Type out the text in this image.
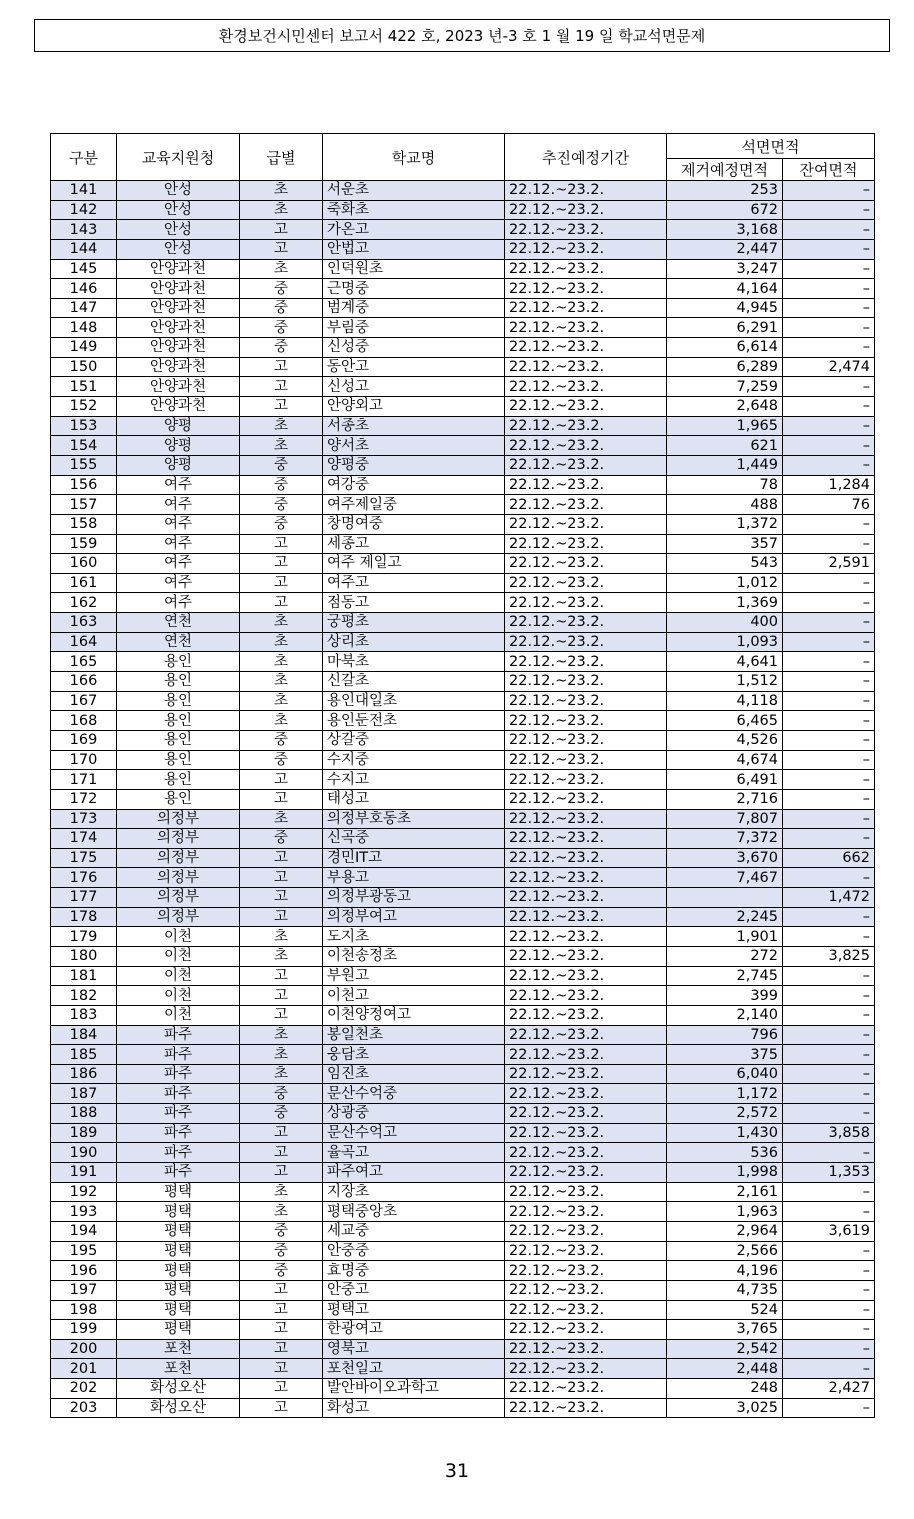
환경보건시민센터 보고서 422 호, 2023 년-3 호 1 월 19 일 학교석면문제
구분	교육지원청	급별	학교명	추진예정기간	석면면적	
					제거예정면적	잔여면적
141	안성	초	서운초	22.12.~23.2.	253	–
142	안성	초	죽화초	22.12.~23.2.	672	–
143	안성	고	가온고	22.12.~23.2.	3,168	–
144	안성	고	안법고	22.12.~23.2.	2,447	–
145	안양과천	초	인덕원초	22.12.~23.2.	3,247	–
146	안양과천	중	근명중	22.12.~23.2.	4,164	–
147	안양과천	중	범계중	22.12.~23.2.	4,945	–
148	안양과천	중	부림중	22.12.~23.2.	6,291	–
149	안양과천	중	신성중	22.12.~23.2.	6,614	–
150	안양과천	고	동안고	22.12.~23.2.	6,289	2,474
151	안양과천	고	신성고	22.12.~23.2.	7,259	–
152	안양과천	고	안양외고	22.12.~23.2.	2,648	–
153	양평	초	서종초	22.12.~23.2.	1,965	–
154	양평	초	양서초	22.12.~23.2.	621	–
155	양평	중	양평중	22.12.~23.2.	1,449	–
156	여주	중	여강중	22.12.~23.2.	78	1,284
157	여주	중	여주제일중	22.12.~23.2.	488	76
158	여주	중	창명여중	22.12.~23.2.	1,372	–
159	여주	고	세종고	22.12.~23.2.	357	–
160	여주	고	여주 제일고	22.12.~23.2.	543	2,591
161	여주	고	여주고	22.12.~23.2.	1,012	–
162	여주	고	점동고	22.12.~23.2.	1,369	–
163	연천	초	궁평초	22.12.~23.2.	400	–
164	연천	초	상리초	22.12.~23.2.	1,093	–
165	용인	초	마북초	22.12.~23.2.	4,641	–
166	용인	초	신갈초	22.12.~23.2.	1,512	–
167	용인	초	용인대일초	22.12.~23.2.	4,118	–
168	용인	초	용인둔전초	22.12.~23.2.	6,465	–
169	용인	중	상갈중	22.12.~23.2.	4,526	–
170	용인	중	수지중	22.12.~23.2.	4,674	–
171	용인	고	수지고	22.12.~23.2.	6,491	–
172	용인	고	태성고	22.12.~23.2.	2,716	–
173	의정부	초	의정부호동초	22.12.~23.2.	7,807	–
174	의정부	중	신곡중	22.12.~23.2.	7,372	–
175	의정부	고	경민IT고	22.12.~23.2.	3,670	662
176	의정부	고	부용고	22.12.~23.2.	7,467	–
177	의정부	고	의정부광동고	22.12.~23.2.		1,472
178	의정부	고	의정부여고	22.12.~23.2.	2,245	–
179	이천	초	도지초	22.12.~23.2.	1,901	–
180	이천	초	이천송정초	22.12.~23.2.	272	3,825
181	이천	고	부원고	22.12.~23.2.	2,745	–
182	이천	고	이천고	22.12.~23.2.	399	–
183	이천	고	이천양정여고	22.12.~23.2.	2,140	–
184	파주	초	봉일천초	22.12.~23.2.	796	–
185	파주	초	웅담초	22.12.~23.2.	375	–
186	파주	초	임진초	22.12.~23.2.	6,040	–
187	파주	중	문산수억중	22.12.~23.2.	1,172	–
188	파주	중	상광중	22.12.~23.2.	2,572	–
189	파주	고	문산수억고	22.12.~23.2.	1,430	3,858
190	파주	고	율곡고	22.12.~23.2.	536	–
191	파주	고	파주여고	22.12.~23.2.	1,998	1,353
192	평택	초	지장초	22.12.~23.2.	2,161	–
193	평택	초	평택중앙초	22.12.~23.2.	1,963	–
194	평택	중	세교중	22.12.~23.2.	2,964	3,619
195	평택	중	안중중	22.12.~23.2.	2,566	–
196	평택	중	효명중	22.12.~23.2.	4,196	–
197	평택	고	안중고	22.12.~23.2.	4,735	–
198	평택	고	평택고	22.12.~23.2.	524	–
199	평택	고	한광여고	22.12.~23.2.	3,765	–
200	포천	고	영북고	22.12.~23.2.	2,542	–
201	포천	고	포천일고	22.12.~23.2.	2,448	–
202	화성오산	고	발안바이오과학고	22.12.~23.2.	248	2,427
203	화성오산	고	화성고	22.12.~23.2.	3,025	–
31
